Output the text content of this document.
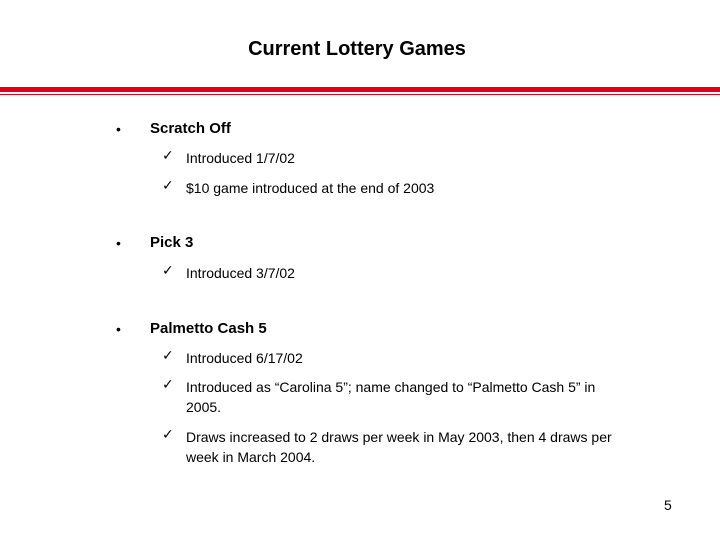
Current Lottery Games
• Scratch Off
✓ Introduced 1/7/02
✓ $10 game introduced at the end of 2003
• Pick 3
✓ Introduced 3/7/02
• Palmetto Cash 5
✓ Introduced 6/17/02
✓ Introduced as “Carolina 5”; name changed to “Palmetto Cash 5” in 2005.
✓ Draws increased to 2 draws per week in May 2003, then 4 draws per week in March 2004.
5
